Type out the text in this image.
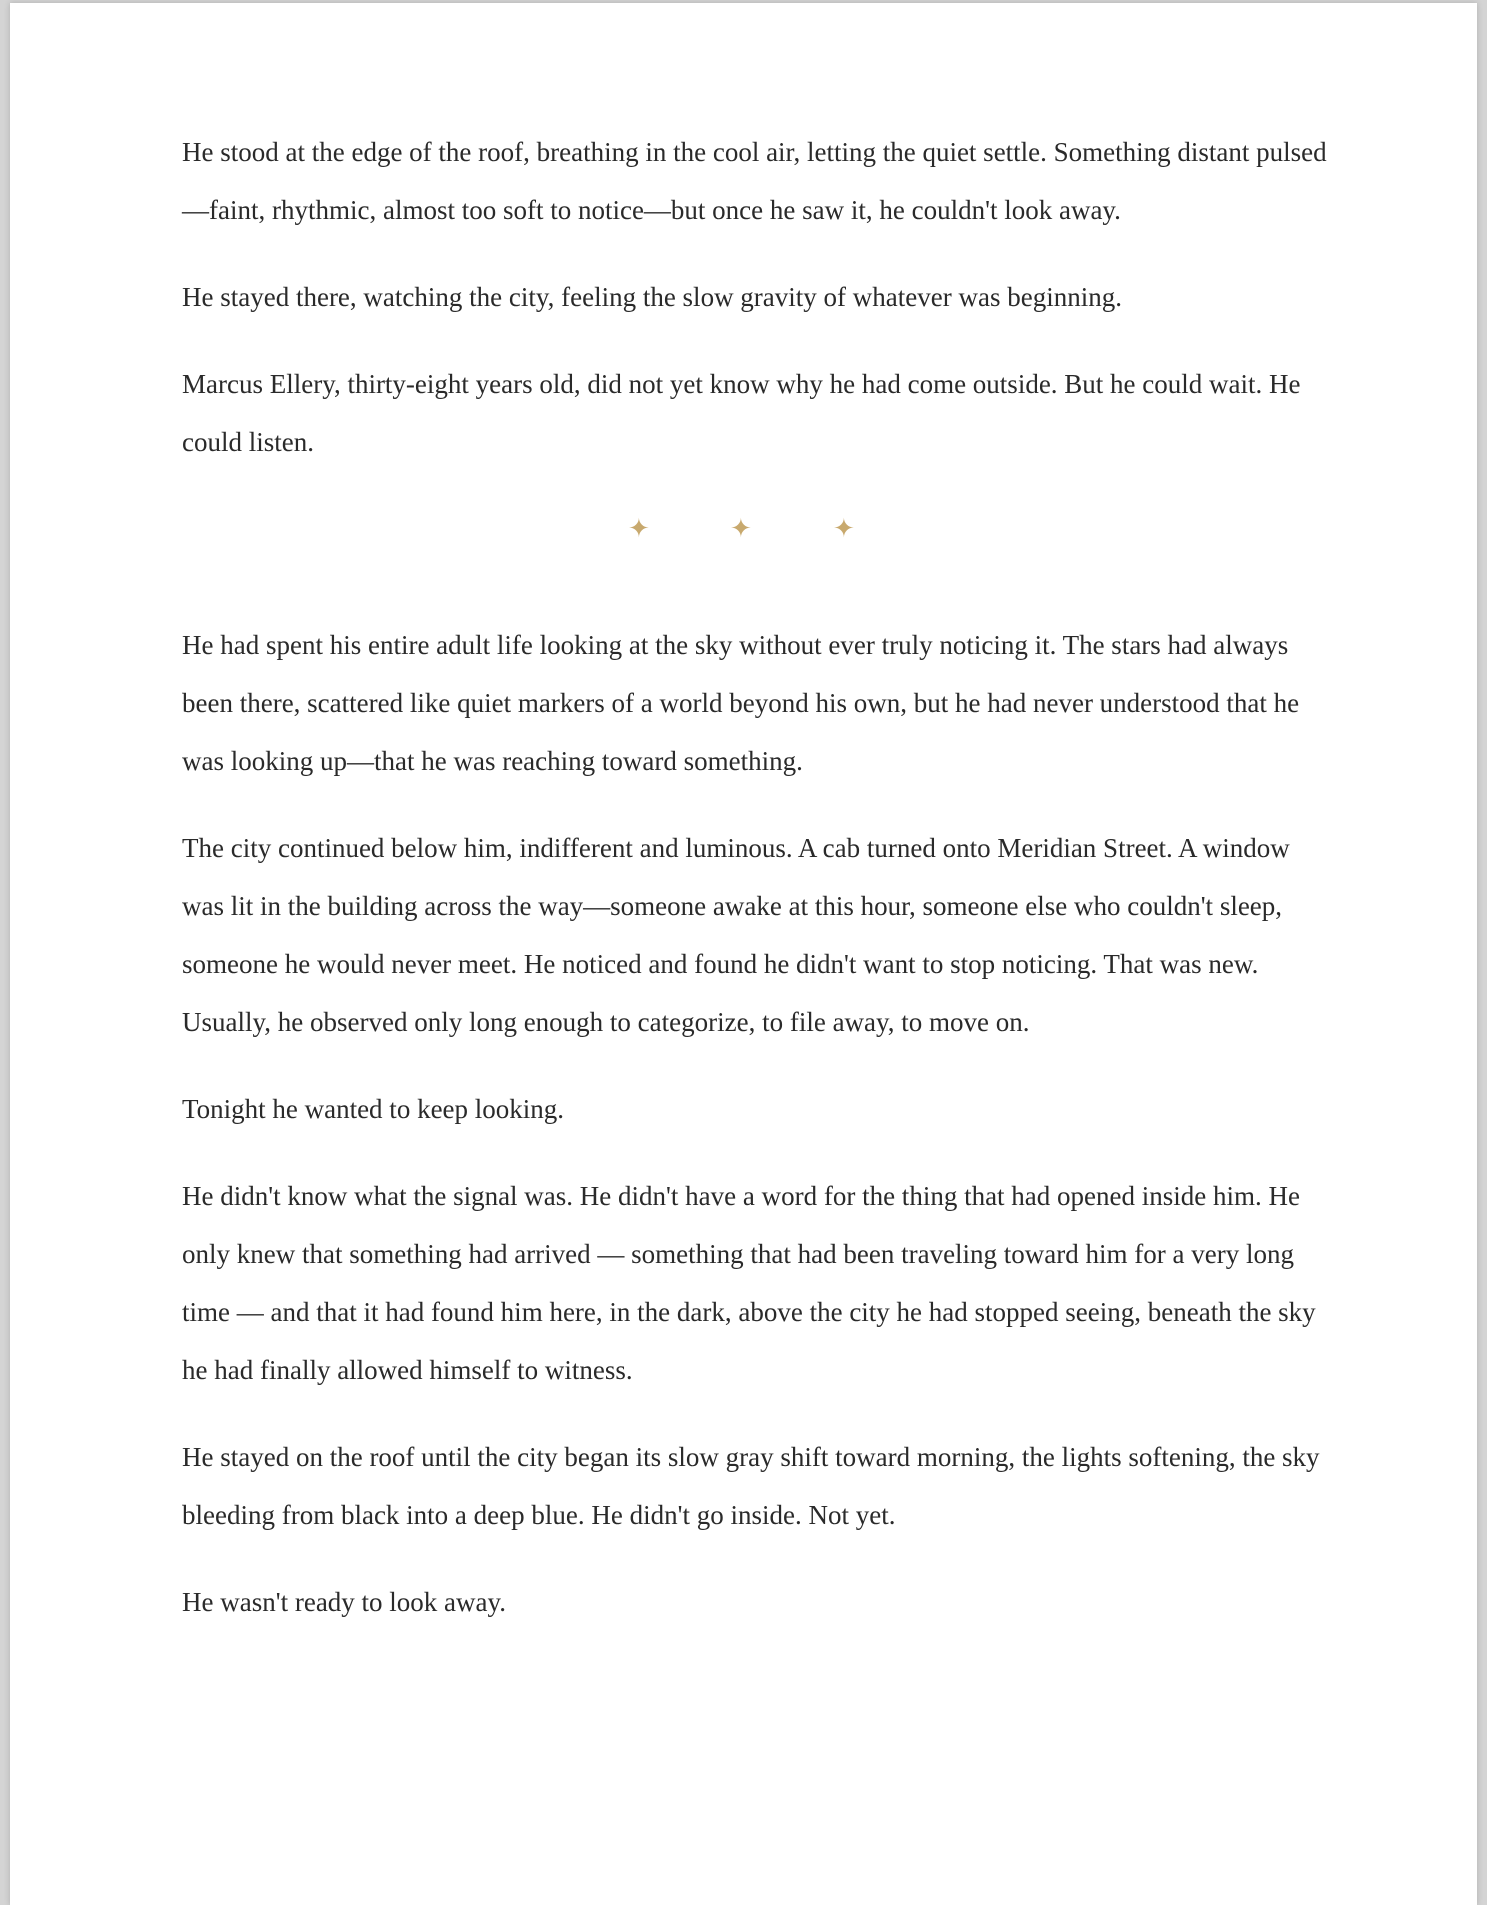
He stood at the edge of the roof, breathing in the cool air, letting the quiet settle. Something distant pulsed—faint, rhythmic, almost too soft to notice—but once he saw it, he couldn't look away.

He stayed there, watching the city, feeling the slow gravity of whatever was beginning.

Marcus Ellery, thirty-eight years old, did not yet know why he had come outside. But he could wait. He could listen.

✦	✦	✦

He had spent his entire adult life looking at the sky without ever truly noticing it. The stars had always been there, scattered like quiet markers of a world beyond his own, but he had never understood that he was looking up—that he was reaching toward something.

The city continued below him, indifferent and luminous. A cab turned onto Meridian Street. A window was lit in the building across the way—someone awake at this hour, someone else who couldn't sleep, someone he would never meet. He noticed and found he didn't want to stop noticing. That was new. Usually, he observed only long enough to categorize, to file away, to move on.

Tonight he wanted to keep looking.

He didn't know what the signal was. He didn't have a word for the thing that had opened inside him. He only knew that something had arrived — something that had been traveling toward him for a very long time — and that it had found him here, in the dark, above the city he had stopped seeing, beneath the sky he had finally allowed himself to witness.

He stayed on the roof until the city began its slow gray shift toward morning, the lights softening, the sky bleeding from black into a deep blue. He didn't go inside. Not yet.

He wasn't ready to look away.
